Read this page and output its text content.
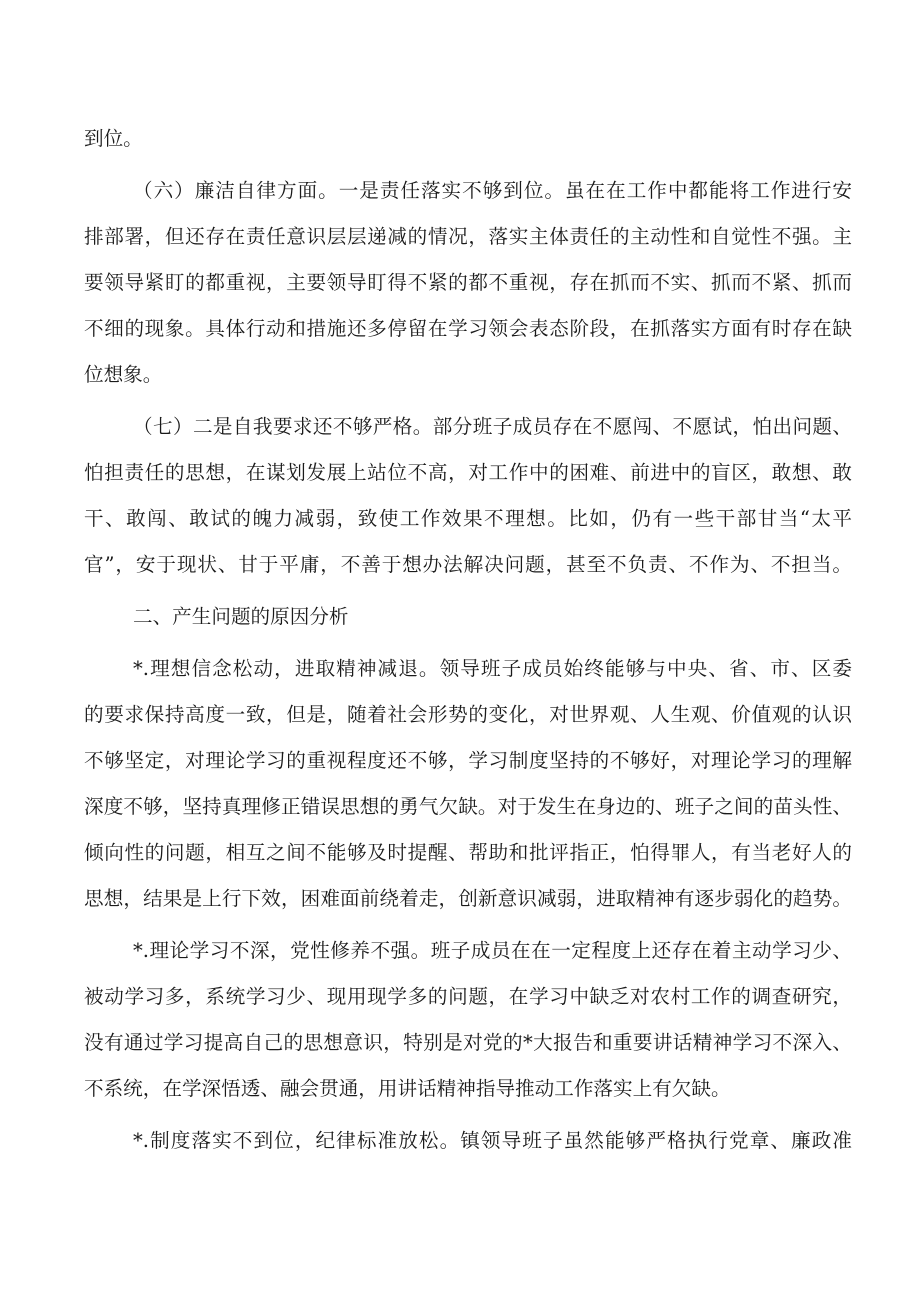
到位。
（六）廉洁自律方面。一是责任落实不够到位。虽在在工作中都能将工作进行安
排部署，但还存在责任意识层层递减的情况，落实主体责任的主动性和自觉性不强。主
要领导紧盯的都重视，主要领导盯得不紧的都不重视，存在抓而不实、抓而不紧、抓而
不细的现象。具体行动和措施还多停留在学习领会表态阶段，在抓落实方面有时存在缺
位想象。
（七）二是自我要求还不够严格。部分班子成员存在不愿闯、不愿试，怕出问题、
怕担责任的思想，在谋划发展上站位不高，对工作中的困难、前进中的盲区，敢想、敢
干、敢闯、敢试的魄力减弱，致使工作效果不理想。比如，仍有一些干部甘当“太平
官”，安于现状、甘于平庸，不善于想办法解决问题，甚至不负责、不作为、不担当。
二、产生问题的原因分析
*.理想信念松动，进取精神减退。领导班子成员始终能够与中央、省、市、区委
的要求保持高度一致，但是，随着社会形势的变化，对世界观、人生观、价值观的认识
不够坚定，对理论学习的重视程度还不够，学习制度坚持的不够好，对理论学习的理解
深度不够，坚持真理修正错误思想的勇气欠缺。对于发生在身边的、班子之间的苗头性、
倾向性的问题，相互之间不能够及时提醒、帮助和批评指正，怕得罪人，有当老好人的
思想，结果是上行下效，困难面前绕着走，创新意识减弱，进取精神有逐步弱化的趋势。
*.理论学习不深，党性修养不强。班子成员在在一定程度上还存在着主动学习少、
被动学习多，系统学习少、现用现学多的问题，在学习中缺乏对农村工作的调查研究，
没有通过学习提高自己的思想意识，特别是对党的*大报告和重要讲话精神学习不深入、
不系统，在学深悟透、融会贯通，用讲话精神指导推动工作落实上有欠缺。
*.制度落实不到位，纪律标准放松。镇领导班子虽然能够严格执行党章、廉政准
